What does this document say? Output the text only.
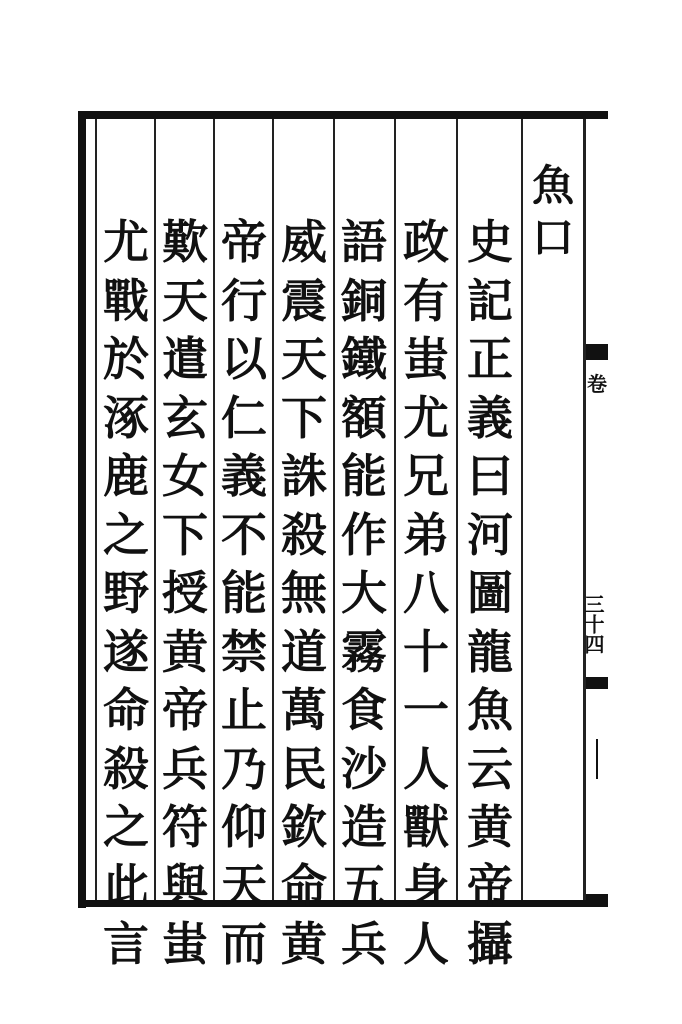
魚
口
史
記
正
義
曰
河
圖
龍
魚
云
黄
帝
攝
政
有
蚩
尤
兄
弟
八
十
一
人
獸
身
人
語
銅
鐵
額
能
作
大
霧
食
沙
造
五
兵
威
震
天
下
誅
殺
無
道
萬
民
欽
命
黄
帝
行
以
仁
義
不
能
禁
止
乃
仰
天
而
歎
天
遣
玄
女
下
授
黄
帝
兵
符
與
蚩
尤
戰
於
涿
鹿
之
野
遂
命
殺
之
此
言
卷
三十四
